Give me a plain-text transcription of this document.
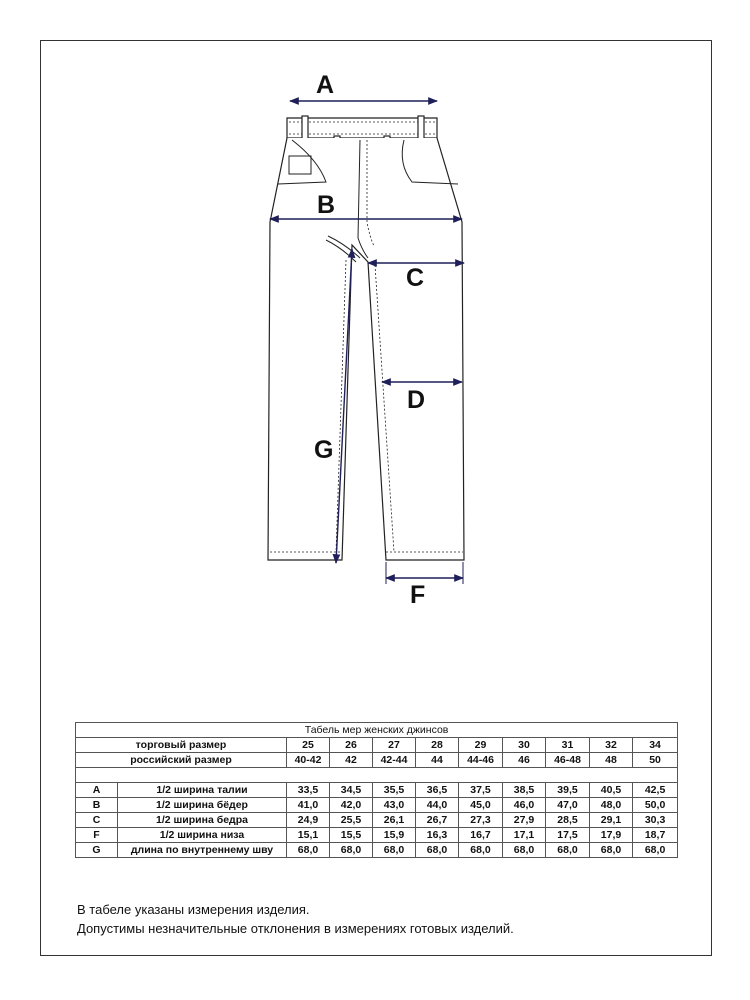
A
B
C
D
G
F
Табель мер женских джинсов										
торговый размер		25	26	27	28	29	30	31	32	34
российский размер		40-42	42	42-44	44	44-46	46	46-48	48	50

A	1/2 ширина талии	33,5	34,5	35,5	36,5	37,5	38,5	39,5	40,5	42,5
B	1/2 ширина бёдер	41,0	42,0	43,0	44,0	45,0	46,0	47,0	48,0	50,0
C	1/2 ширина бедра	24,9	25,5	26,1	26,7	27,3	27,9	28,5	29,1	30,3
F	1/2 ширина низа	15,1	15,5	15,9	16,3	16,7	17,1	17,5	17,9	18,7
G	длина по внутреннему шву	68,0	68,0	68,0	68,0	68,0	68,0	68,0	68,0	68,0
В табеле указаны измерения изделия.
Допустимы незначительные отклонения в измерениях готовых изделий.
